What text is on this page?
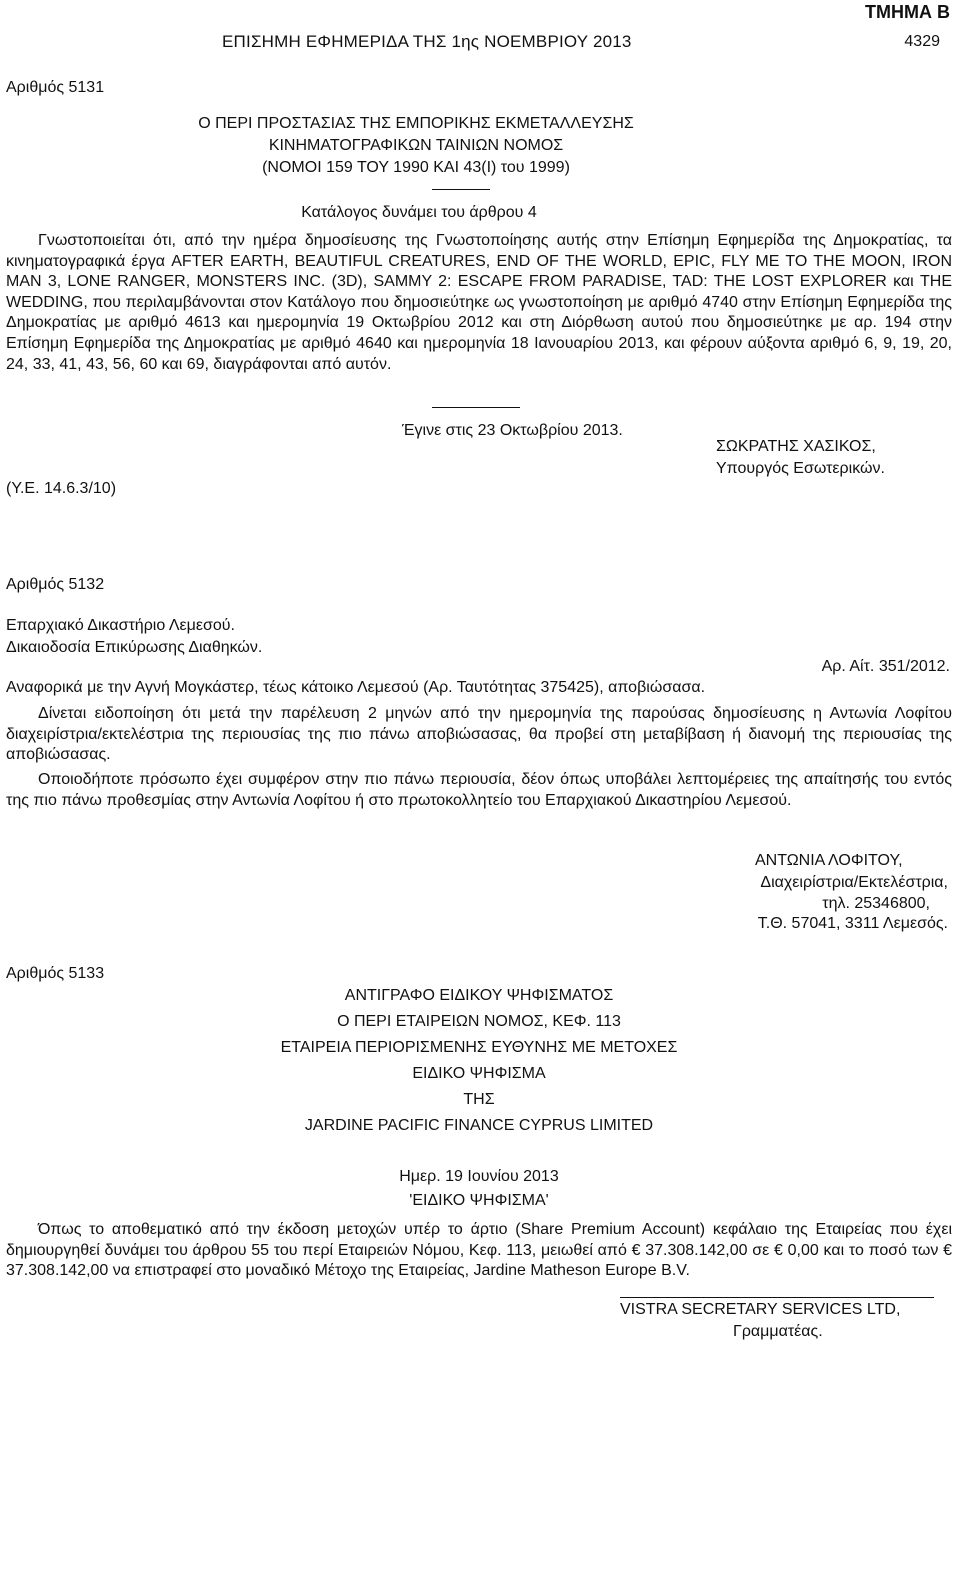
ΤΜΗΜΑ Β
ΕΠΙΣΗΜΗ ΕΦΗΜΕΡΙΔΑ ΤΗΣ 1ης ΝΟΕΜΒΡΙΟΥ 2013	4329
Αριθμός 5131
Ο ΠΕΡΙ ΠΡΟΣΤΑΣΙΑΣ ΤΗΣ ΕΜΠΟΡΙΚΗΣ ΕΚΜΕΤΑΛΛΕΥΣΗΣ
ΚΙΝΗΜΑΤΟΓΡΑΦΙΚΩΝ ΤΑΙΝΙΩΝ ΝΟΜΟΣ
(ΝΟΜΟΙ 159 ΤΟΥ 1990 ΚΑΙ 43(Ι) του 1999)
Κατάλογος δυνάμει του άρθρου 4
Γνωστοποιείται ότι, από την ημέρα δημοσίευσης της Γνωστοποίησης αυτής στην Επίσημη Εφημερίδα της Δημοκρατίας, τα κινηματογραφικά έργα AFTER EARTH, BEAUTIFUL CREATURES, END OF THE WORLD, EPIC, FLY ME TO THE MOON, IRON MAN 3, LONE RANGER, MONSTERS INC. (3D), SAMMY 2: ESCAPE FROM PARADISE, TAD: THE LOST EXPLORER και THE WEDDING, που περιλαμβάνονται στον Κατάλογο που δημοσιεύτηκε ως γνωστοποίηση με αριθμό 4740 στην Επίσημη Εφημερίδα της Δημοκρατίας με αριθμό 4613 και ημερομηνία 19 Οκτωβρίου 2012 και στη Διόρθωση αυτού που δημοσιεύτηκε με αρ. 194 στην Επίσημη Εφημερίδα της Δημοκρατίας με αριθμό 4640 και ημερομηνία 18 Ιανουαρίου 2013, και φέρουν αύξοντα αριθμό 6, 9, 19, 20, 24, 33, 41, 43, 56, 60 και 69, διαγράφονται από αυτόν.
Έγινε στις 23 Οκτωβρίου 2013.
ΣΩΚΡΑΤΗΣ ΧΑΣΙΚΟΣ,
Υπουργός Εσωτερικών.
(Υ.Ε. 14.6.3/10)
Αριθμός 5132
Επαρχιακό Δικαστήριο Λεμεσού.
Δικαιοδοσία Επικύρωσης Διαθηκών.
Αρ. Αίτ. 351/2012.
Αναφορικά με την Αγνή Μογκάστερ, τέως κάτοικο Λεμεσού (Αρ. Ταυτότητας 375425), αποβιώσασα.
Δίνεται ειδοποίηση ότι μετά την παρέλευση 2 μηνών από την ημερομηνία της παρούσας δημοσίευσης η Αντωνία Λοφίτου διαχειρίστρια/εκτελέστρια της περιουσίας της πιο πάνω αποβιώσασας, θα προβεί στη μεταβίβαση ή διανομή της περιουσίας της αποβιώσασας.
Οποιοδήποτε πρόσωπο έχει συμφέρον στην πιο πάνω περιουσία, δέον όπως υποβάλει λεπτομέρειες της απαίτησής του εντός της πιο πάνω προθεσμίας στην Αντωνία Λοφίτου ή στο πρωτοκολλητείο του Επαρχιακού Δικαστηρίου Λεμεσού.
ΑΝΤΩΝΙΑ ΛΟΦΙΤΟΥ,
Διαχειρίστρια/Εκτελέστρια,
τηλ. 25346800,
Τ.Θ. 57041, 3311 Λεμεσός.
Αριθμός 5133
ΑΝΤΙΓΡΑΦΟ ΕΙΔΙΚΟΥ ΨΗΦΙΣΜΑΤΟΣ
Ο ΠΕΡΙ ΕΤΑΙΡΕΙΩΝ ΝΟΜΟΣ, ΚΕΦ. 113
ΕΤΑΙΡΕΙΑ ΠΕΡΙΟΡΙΣΜΕΝΗΣ ΕΥΘΥΝΗΣ ΜΕ ΜΕΤΟΧΕΣ
ΕΙΔΙΚΟ ΨΗΦΙΣΜΑ
ΤΗΣ
JARDINE PACIFIC FINANCE CYPRUS LIMITED
Ημερ. 19 Ιουνίου 2013
'ΕΙΔΙΚΟ ΨΗΦΙΣΜΑ'
Όπως το αποθεματικό από την έκδοση μετοχών υπέρ το άρτιο (Share Premium Account) κεφάλαιο της Εταιρείας που έχει δημιουργηθεί δυνάμει του άρθρου 55 του περί Εταιρειών Νόμου, Κεφ. 113, μειωθεί από € 37.308.142,00 σε € 0,00 και το ποσό των € 37.308.142,00 να επιστραφεί στο μοναδικό Μέτοχο της Εταιρείας, Jardine Matheson Europe B.V.
VISTRA SECRETARY SERVICES LTD,
Γραμματέας.
